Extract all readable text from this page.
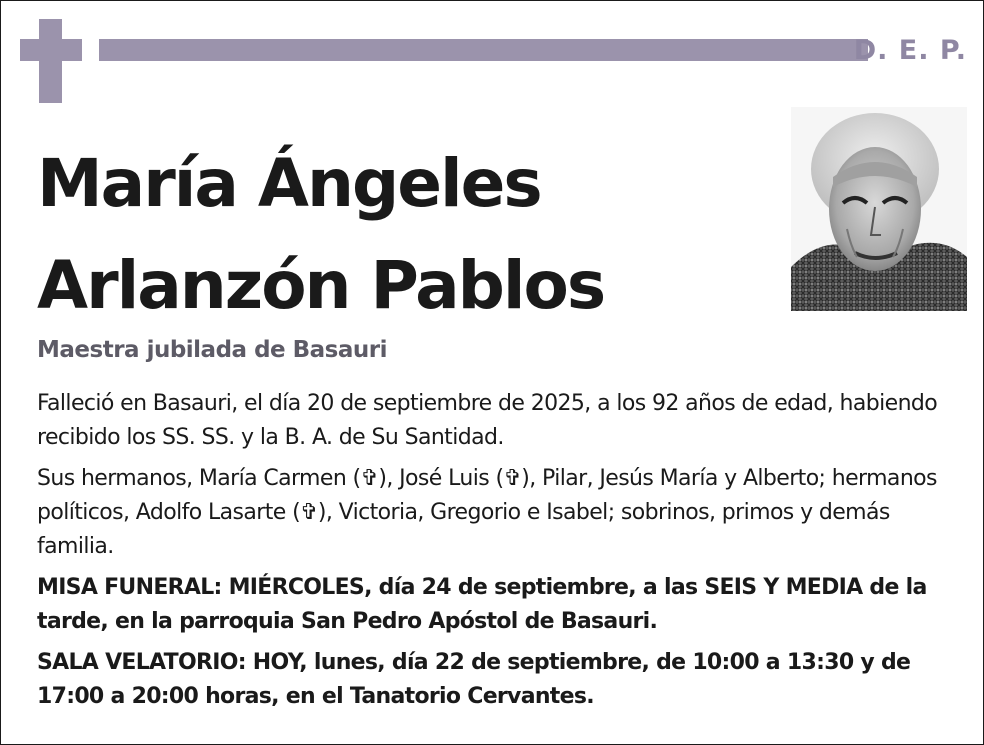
D. E. P.
María Ángeles
Arlanzón Pablos
Maestra jubilada de Basauri

Falleció en Basauri, el día 20 de septiembre de 2025, a los 92 años de edad, habiendo recibido los SS. SS. y la B. A. de Su Santidad.

Sus hermanos, María Carmen (✞), José Luis (✞), Pilar, Jesús María y Alberto; hermanos políticos, Adolfo Lasarte (✞), Victoria, Gregorio e Isabel; sobrinos, primos y demás familia.

MISA FUNERAL: MIÉRCOLES, día 24 de septiembre, a las SEIS Y MEDIA de la tarde, en la parroquia San Pedro Apóstol de Basauri.

SALA VELATORIO: HOY, lunes, día 22 de septiembre, de 10:00 a 13:30 y de 17:00 a 20:00 horas, en el Tanatorio Cervantes.
